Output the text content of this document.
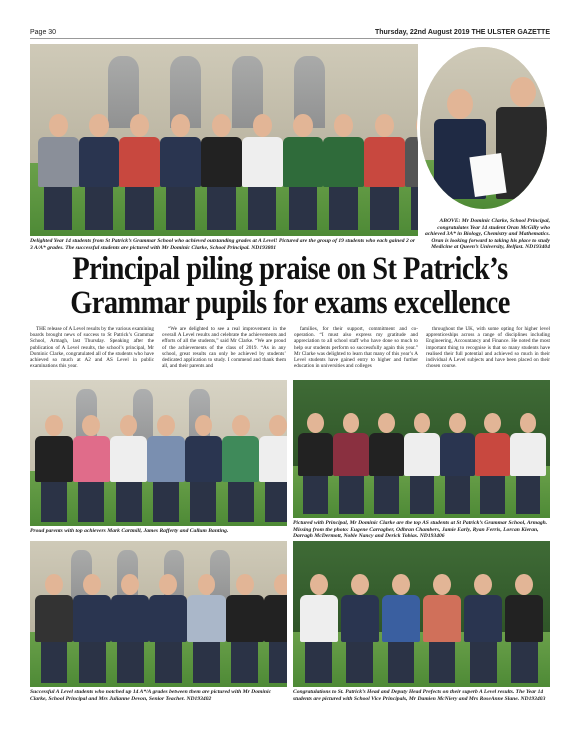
Page 30	Thursday, 22nd August 2019 THE ULSTER GAZETTE
Delighted Year 14 students from St Patrick’s Grammar School who achieved outstanding grades at A Level! Pictured are the group of 19 students who each gained 2 or 3 A/A* grades. The successful students are pictured with Mr Dominic Clarke, School Principal. ND193801
ABOVE: Mr Dominic Clarke, School Principal, congratulates Year 14 student Oran McGilly who achieved 3A* in Biology, Chemistry and Mathematics. Oran is looking forward to taking his place to study Medicine at Queen’s University, Belfast. ND193404
Principal piling praise on St Patrick’s
Grammar pupils for exams excellence

THE release of A Level results by the various examining boards brought news of success to St Patrick’s Grammar School, Armagh, last Thursday. Speaking after the publication of A Level results, the school’s principal, Mr Dominic Clarke, congratulated all of the students who have achieved so much at A2 and AS Level in public examinations this year.

“We are delighted to see a real improvement in the overall A Level results and celebrate the achievements and efforts of all the students,” said Mr Clarke. “We are proud of the achievements of the class of 2019. “As in any school, great results can only be achieved by students’ dedicated application to study. I commend and thank them all, and their parents and

families, for their support, commitment and co-operation. “I must also express my gratitude and appreciation to all school staff who have done so much to help our students perform so successfully again this year.” Mr Clarke was delighted to learn that many of this year’s A Level students have gained entry to higher and further education in universities and colleges

throughout the UK, with some opting for higher level apprenticeships across a range of disciplines including Engineering, Accountancy and Finance. He noted the most important thing to recognise is that so many students have realised their full potential and achieved so much in their individual A Level subjects and have been placed on their chosen course.

Proud parents with top achievers Mark Cartmill, James Rafferty and Callum Banting.
Pictured with Principal, Mr Dominic Clarke are the top AS students at St Patrick’s Grammar School, Armagh. Missing from the photo: Eugene Carragher, Odhran Chambers, Jamie Early, Ryan Ferris, Lorcan Kieran, Darragh McDermott, Noble Nancy and Derick Tobias. ND193406
Successful A Level students who notched up 14 A*/A grades between them are pictured with Mr Dominic Clarke, School Principal and Mrs Julianne Devon, Senior Teacher. ND193402
Congratulations to St. Patrick’s Head and Deputy Head Prefects on their superb A Level results. The Year 14 students are pictured with School Vice Principals, Mr Damien McNiery and Mrs RoseAnne Slane. ND193403
